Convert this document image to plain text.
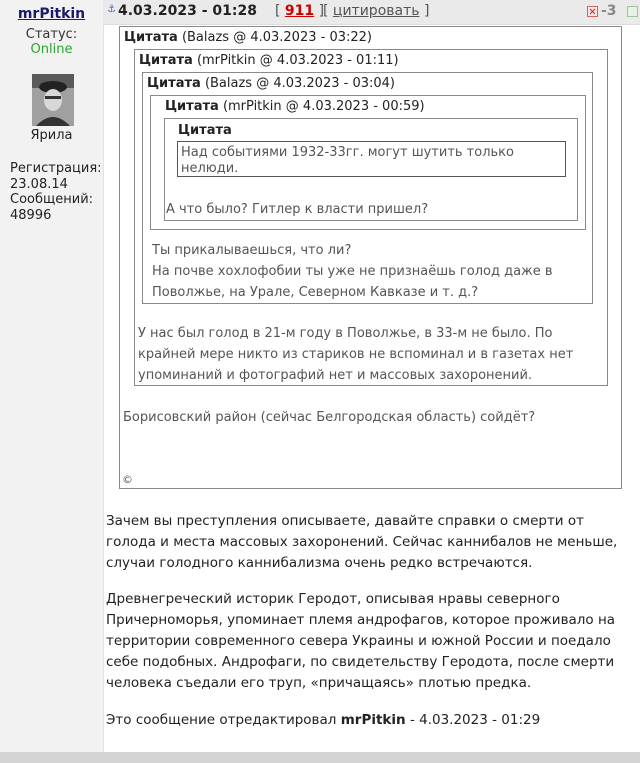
mrPitkin
Статус:
Online
Ярила
Регистрация:
23.08.14
Сообщений:
48996
⚓ 4.03.2023 - 01:28 [ 911 ]
[ цитировать ]	-3
Цитата (Balazs @ 4.03.2023 - 03:22)
Борисовский район (сейчас Белгородская область) сойдёт?
©
Цитата (mrPitkin @ 4.03.2023 - 01:11)
У нас был голод в 21-м году в Поволжье, в 33-м не было. По крайней мере никто из стариков не вспоминал и в газетах нет упоминаний и фотографий нет и массовых захоронений.
Цитата (Balazs @ 4.03.2023 - 03:04)
Ты прикалываешься, что ли?
На почве хохлофобии ты уже не признаёшь голод даже в Поволжье, на Урале, Северном Кавказе и т. д.?
Цитата (mrPitkin @ 4.03.2023 - 00:59)
Цитата
Над событиями 1932-33гг. могут шутить только нелюди.
А что было? Гитлер к власти пришел?
Зачем вы преступления описываете, давайте справки о смерти от голода и места массовых захоронений. Сейчас каннибалов не меньше, случаи голодного каннибализма очень редко встречаются.
Древнегреческий историк Геродот, описывая нравы северного Причерноморья, упоминает племя андрофагов, которое проживало на территории современного севера Украины и южной России и поедало себе подобных. Андрофаги, по свидетельству Геродота, после смерти человека съедали его труп, «причащаясь» плотью предка.
Это сообщение отредактировал mrPitkin - 4.03.2023 - 01:29
